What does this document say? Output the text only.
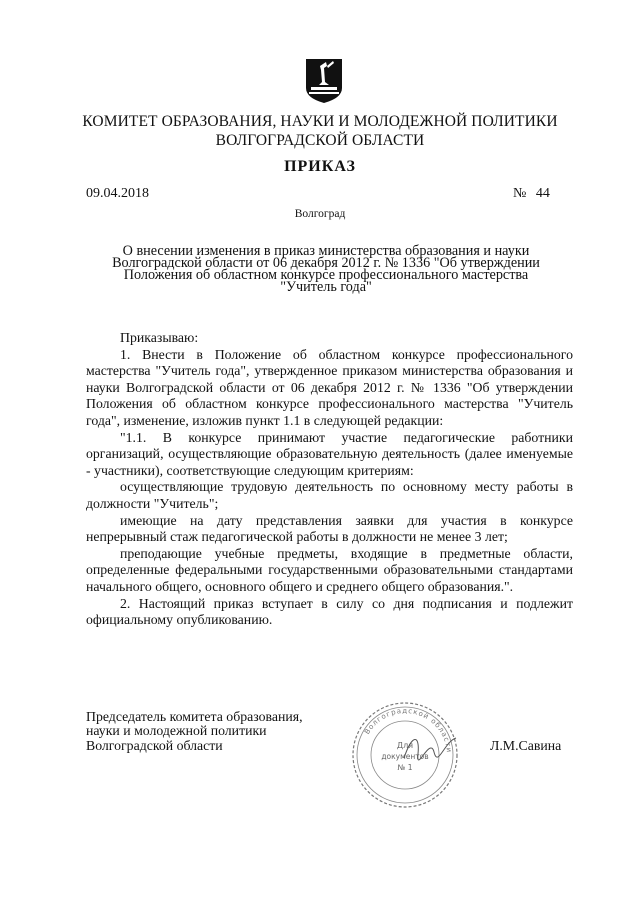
КОМИТЕТ ОБРАЗОВАНИЯ, НАУКИ И МОЛОДЕЖНОЙ ПОЛИТИКИ
ВОЛГОГРАДСКОЙ ОБЛАСТИ
ПРИКАЗ
09.04.2018	№ 44
Волгоград
О внесении изменения в приказ министерства образования и науки
Волгоградской области от 06 декабря 2012 г. № 1336 "Об утверждении
Положения об областном конкурсе профессионального мастерства
"Учитель года"

Приказываю:

1. Внести в Положение об областном конкурсе профессионального мастерства "Учитель года", утвержденное приказом министерства образования и науки Волгоградской области от 06 декабря 2012 г. № 1336 "Об утверждении Положения об областном конкурсе профессионального мастерства "Учитель года", изменение, изложив пункт 1.1 в следующей редакции:

"1.1. В конкурсе принимают участие педагогические работники организаций, осуществляющие образовательную деятельность (далее именуемые - участники), соответствующие следующим критериям:

осуществляющие трудовую деятельность по основному месту работы в должности "Учитель";

имеющие на дату представления заявки для участия в конкурсе непрерывный стаж педагогической работы в должности не менее 3 лет;

преподающие учебные предметы, входящие в предметные области, определенные федеральными государственными образовательными стандартами начального общего, основного общего и среднего общего образования.".

2. Настоящий приказ вступает в силу со дня подписания и подлежит официальному опубликованию.

Председатель комитета образования,
науки и молодежной политики
Волгоградской области
Волгоградской области
Для
документов
№ 1
Л.М.Савина
